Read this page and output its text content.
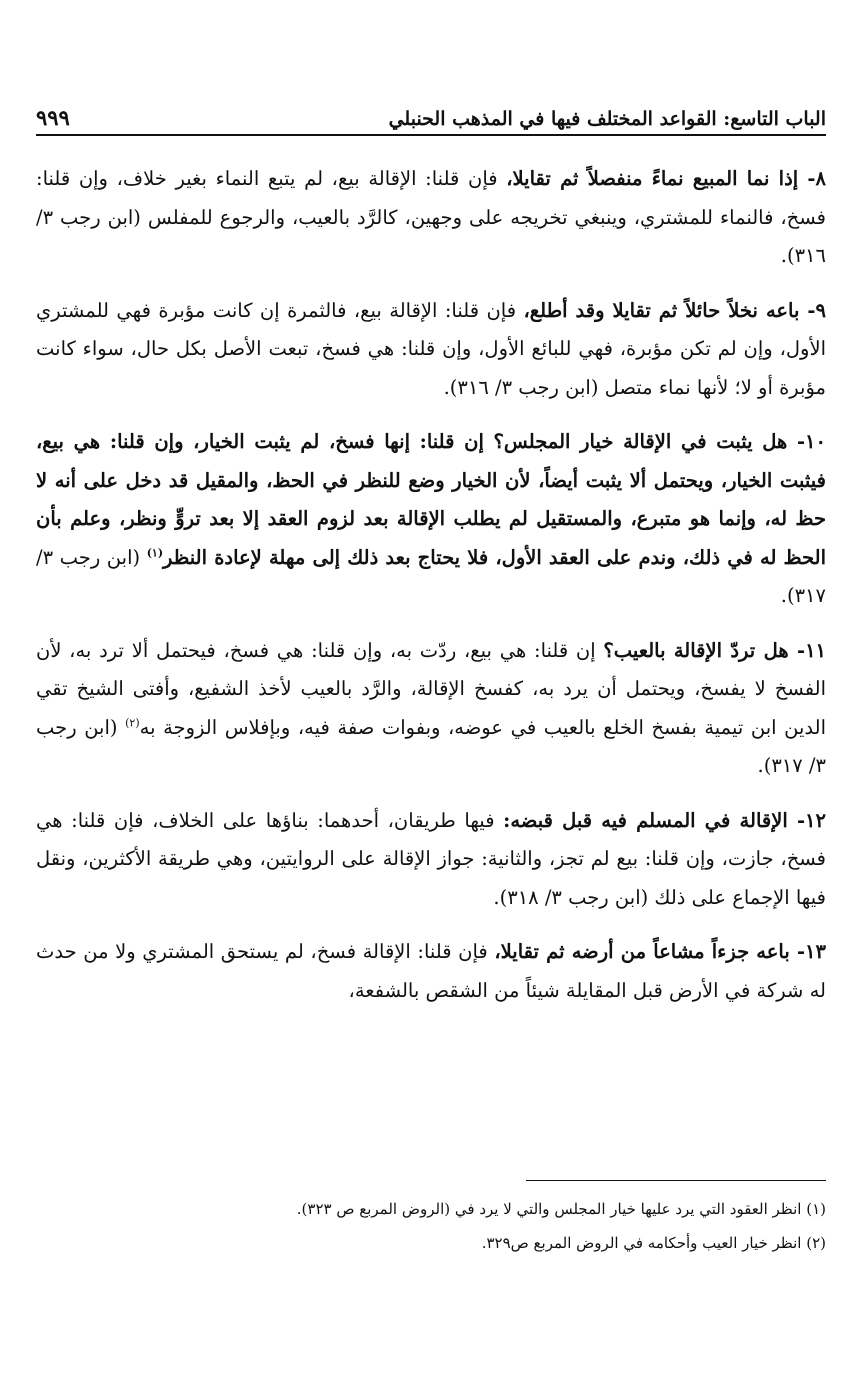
الباب التاسع: القواعد المختلف فيها في المذهب الحنبلي
٩٩٩

٨- إذا نما المبيع نماءً منفصلاً ثم تقايلا، فإن قلنا: الإقالة بيع، لم يتبع النماء بغير خلاف، وإن قلنا: فسخ، فالنماء للمشتري، وينبغي تخريجه على وجهين، كالرَّد بالعيب، والرجوع للمفلس (ابن رجب ٣/ ٣١٦).

٩- باعه نخلاً حائلاً ثم تقايلا وقد أطلع، فإن قلنا: الإقالة بيع، فالثمرة إن كانت مؤبرة فهي للمشتري الأول، وإن لم تكن مؤبرة، فهي للبائع الأول، وإن قلنا: هي فسخ، تبعت الأصل بكل حال، سواء كانت مؤبرة أو لا؛ لأنها نماء متصل (ابن رجب ٣/ ٣١٦).

١٠- هل يثبت في الإقالة خيار المجلس؟ إن قلنا: إنها فسخ، لم يثبت الخيار، وإن قلنا: هي بيع، فيثبت الخيار، ويحتمل ألا يثبت أيضاً، لأن الخيار وضع للنظر في الحظ، والمقيل قد دخل على أنه لا حظ له، وإنما هو متبرع، والمستقيل لم يطلب الإقالة بعد لزوم العقد إلا بعد تروٍّ ونظر، وعلم بأن الحظ له في ذلك، وندم على العقد الأول، فلا يحتاج بعد ذلك إلى مهلة لإعادة النظر$^{(١)}$ (ابن رجب ٣/ ٣١٧).

١١- هل تردّ الإقالة بالعيب؟ إن قلنا: هي بيع، ردّت به، وإن قلنا: هي فسخ، فيحتمل ألا ترد به، لأن الفسخ لا يفسخ، ويحتمل أن يرد به، كفسخ الإقالة، والرَّد بالعيب لأخذ الشفيع، وأفتى الشيخ تقي الدين ابن تيمية بفسخ الخلع بالعيب في عوضه، وبفوات صفة فيه، وبإفلاس الزوجة به$^{(٢)}$ (ابن رجب ٣/ ٣١٧).

١٢- الإقالة في المسلم فيه قبل قبضه: فيها طريقان، أحدهما: بناؤها على الخلاف، فإن قلنا: هي فسخ، جازت، وإن قلنا: بيع لم تجز، والثانية: جواز الإقالة على الروايتين، وهي طريقة الأكثرين، ونقل فيها الإجماع على ذلك (ابن رجب ٣/ ٣١٨).

١٣- باعه جزءاً مشاعاً من أرضه ثم تقايلا، فإن قلنا: الإقالة فسخ، لم يستحق المشتري ولا من حدث له شركة في الأرض قبل المقايلة شيئاً من الشقص بالشفعة،

(١) انظر العقود التي يرد عليها خيار المجلس والتي لا يرد في (الروض المربع ص ٣٢٣).

(٢) انظر خيار العيب وأحكامه في الروض المربع ص٣٢٩.
